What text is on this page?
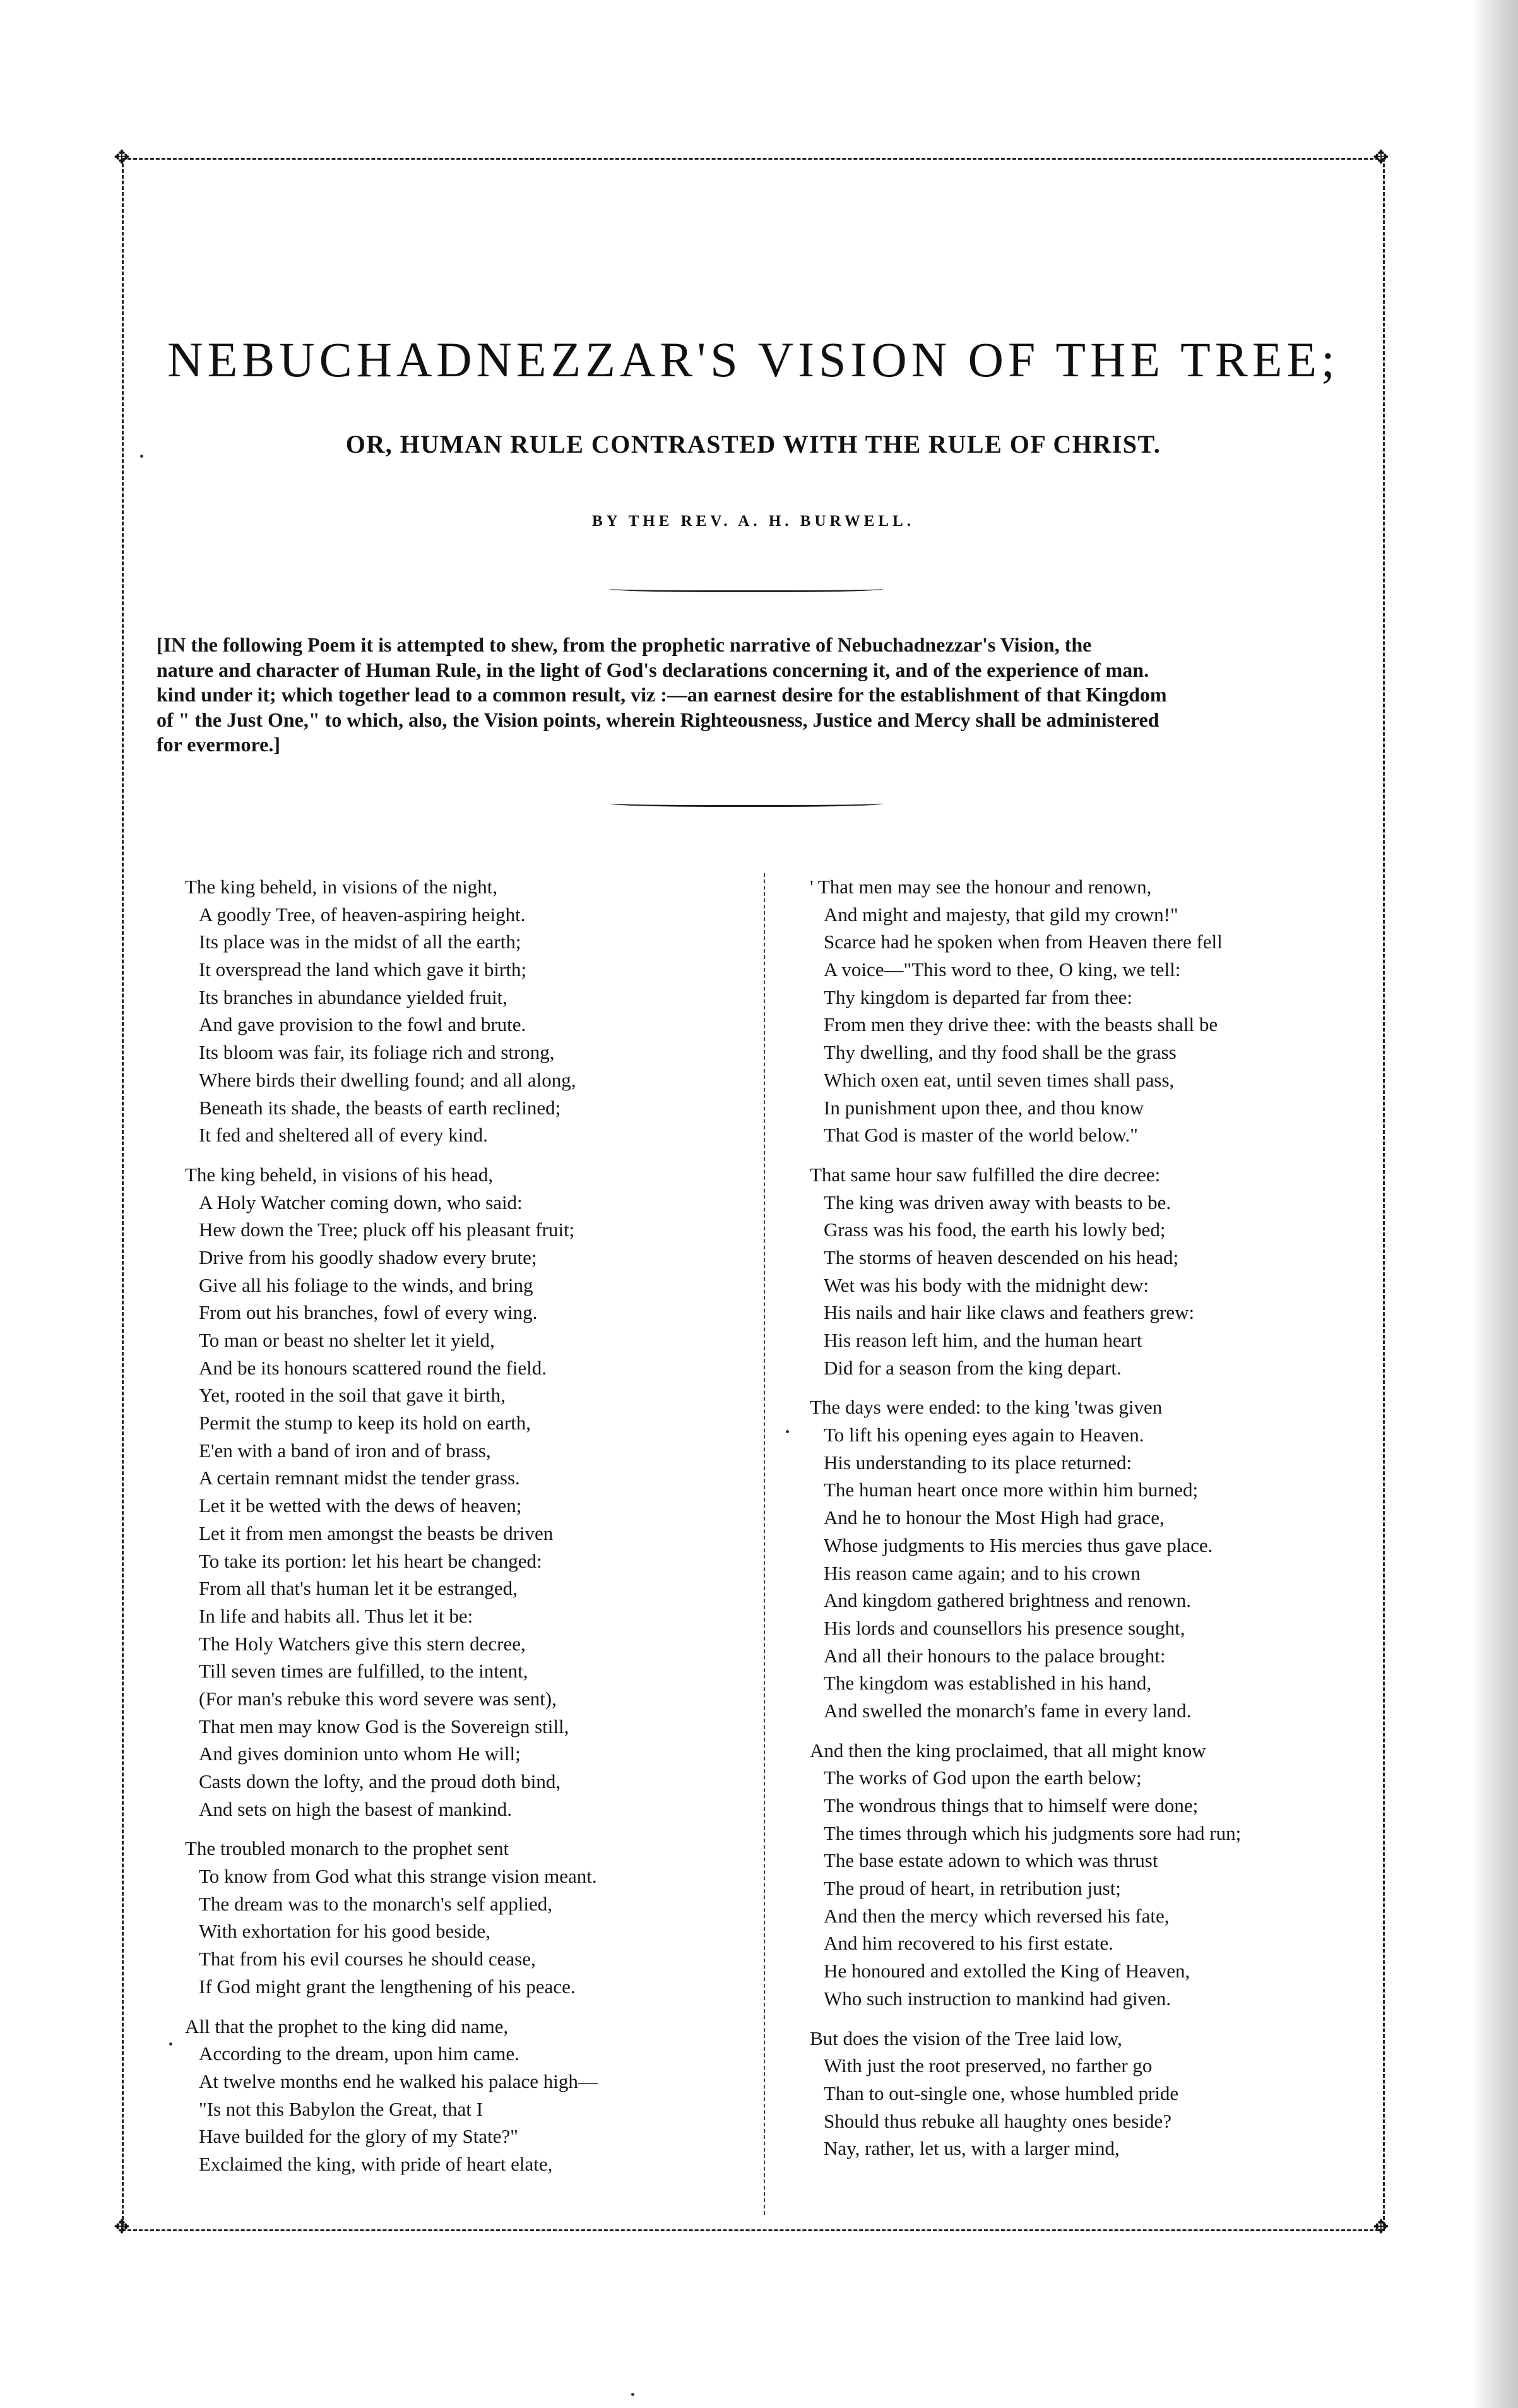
✥	✥
✥	✥
NEBUCHADNEZZAR'S VISION OF THE TREE;
OR, HUMAN RULE CONTRASTED WITH THE RULE OF CHRIST.
BY THE REV. A. H. BURWELL.
[IN the following Poem it is attempted to shew, from the prophetic narrative of Nebuchadnezzar's Vision, the
nature and character of Human Rule, in the light of God's declarations concerning it, and of the experience of man.
kind under it; which together lead to a common result, viz :—an earnest desire for the establishment of that Kingdom
of " the Just One," to which, also, the Vision points, wherein Righteousness, Justice and Mercy shall be administered
for evermore.]
The king beheld, in visions of the night,
A goodly Tree, of heaven-aspiring height.
Its place was in the midst of all the earth;
It overspread the land which gave it birth;
Its branches in abundance yielded fruit,
And gave provision to the fowl and brute.
Its bloom was fair, its foliage rich and strong,
Where birds their dwelling found; and all along,
Beneath its shade, the beasts of earth reclined;
It fed and sheltered all of every kind.
The king beheld, in visions of his head,
A Holy Watcher coming down, who said:
Hew down the Tree; pluck off his pleasant fruit;
Drive from his goodly shadow every brute;
Give all his foliage to the winds, and bring
From out his branches, fowl of every wing.
To man or beast no shelter let it yield,
And be its honours scattered round the field.
Yet, rooted in the soil that gave it birth,
Permit the stump to keep its hold on earth,
E'en with a band of iron and of brass,
A certain remnant midst the tender grass.
Let it be wetted with the dews of heaven;
Let it from men amongst the beasts be driven
To take its portion: let his heart be changed:
From all that's human let it be estranged,
In life and habits all. Thus let it be:
The Holy Watchers give this stern decree,
Till seven times are fulfilled, to the intent,
(For man's rebuke this word severe was sent),
That men may know God is the Sovereign still,
And gives dominion unto whom He will;
Casts down the lofty, and the proud doth bind,
And sets on high the basest of mankind.
The troubled monarch to the prophet sent
To know from God what this strange vision meant.
The dream was to the monarch's self applied,
With exhortation for his good beside,
That from his evil courses he should cease,
If God might grant the lengthening of his peace.
All that the prophet to the king did name,
According to the dream, upon him came.
At twelve months end he walked his palace high—
"Is not this Babylon the Great, that I
Have builded for the glory of my State?"
Exclaimed the king, with pride of heart elate,
' That men may see the honour and renown,
And might and majesty, that gild my crown!"
Scarce had he spoken when from Heaven there fell
A voice—"This word to thee, O king, we tell:
Thy kingdom is departed far from thee:
From men they drive thee: with the beasts shall be
Thy dwelling, and thy food shall be the grass
Which oxen eat, until seven times shall pass,
In punishment upon thee, and thou know
That God is master of the world below."
That same hour saw fulfilled the dire decree:
The king was driven away with beasts to be.
Grass was his food, the earth his lowly bed;
The storms of heaven descended on his head;
Wet was his body with the midnight dew:
His nails and hair like claws and feathers grew:
His reason left him, and the human heart
Did for a season from the king depart.
The days were ended: to the king 'twas given
To lift his opening eyes again to Heaven.
His understanding to its place returned:
The human heart once more within him burned;
And he to honour the Most High had grace,
Whose judgments to His mercies thus gave place.
His reason came again; and to his crown
And kingdom gathered brightness and renown.
His lords and counsellors his presence sought,
And all their honours to the palace brought:
The kingdom was established in his hand,
And swelled the monarch's fame in every land.
And then the king proclaimed, that all might know
The works of God upon the earth below;
The wondrous things that to himself were done;
The times through which his judgments sore had run;
The base estate adown to which was thrust
The proud of heart, in retribution just;
And then the mercy which reversed his fate,
And him recovered to his first estate.
He honoured and extolled the King of Heaven,
Who such instruction to mankind had given.
But does the vision of the Tree laid low,
With just the root preserved, no farther go
Than to out-single one, whose humbled pride
Should thus rebuke all haughty ones beside?
Nay, rather, let us, with a larger mind,
